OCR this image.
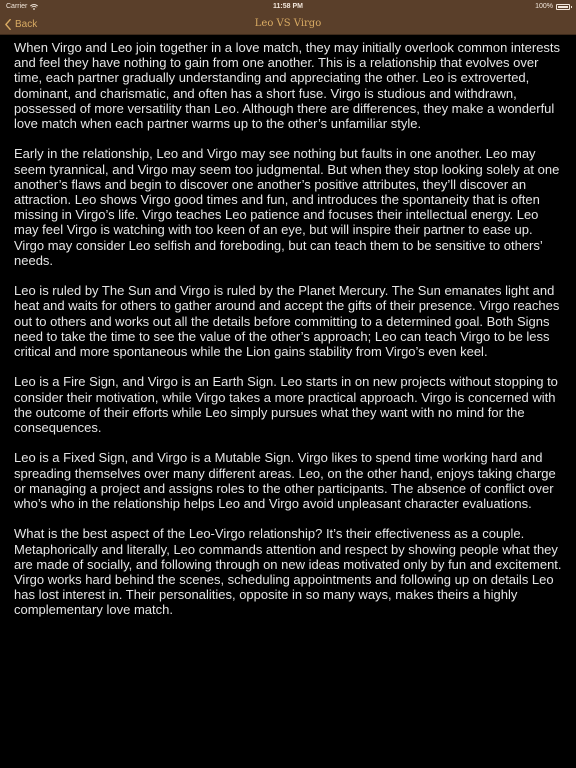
Carrier	11:58 PM	100%
Back	Leo VS Virgo

When Virgo and Leo join together in a love match, they may initially overlook common interests and feel they have nothing to gain from one another. This is a relationship that evolves over time, each partner gradually understanding and appreciating the other. Leo is extroverted, dominant, and charismatic, and often has a short fuse. Virgo is studious and withdrawn, possessed of more versatility than Leo. Although there are differences, they make a wonderful love match when each partner warms up to the other’s unfamiliar style.

Early in the relationship, Leo and Virgo may see nothing but faults in one another. Leo may seem tyrannical, and Virgo may seem too judgmental. But when they stop looking solely at one another’s flaws and begin to discover one another’s positive attributes, they’ll discover an attraction. Leo shows Virgo good times and fun, and introduces the spontaneity that is often missing in Virgo’s life. Virgo teaches Leo patience and focuses their intellectual energy. Leo may feel Virgo is watching with too keen of an eye, but will inspire their partner to ease up. Virgo may consider Leo selfish and foreboding, but can teach them to be sensitive to others’ needs.

Leo is ruled by The Sun and Virgo is ruled by the Planet Mercury. The Sun emanates light and heat and waits for others to gather around and accept the gifts of their presence. Virgo reaches out to others and works out all the details before committing to a determined goal. Both Signs need to take the time to see the value of the other’s approach; Leo can teach Virgo to be less critical and more spontaneous while the Lion gains stability from Virgo’s even keel.

Leo is a Fire Sign, and Virgo is an Earth Sign. Leo starts in on new projects without stopping to consider their motivation, while Virgo takes a more practical approach. Virgo is concerned with the outcome of their efforts while Leo simply pursues what they want with no mind for the consequences.

Leo is a Fixed Sign, and Virgo is a Mutable Sign. Virgo likes to spend time working hard and spreading themselves over many different areas. Leo, on the other hand, enjoys taking charge or managing a project and assigns roles to the other participants. The absence of conflict over who’s who in the relationship helps Leo and Virgo avoid unpleasant character evaluations.

What is the best aspect of the Leo-Virgo relationship? It’s their effectiveness as a couple. Metaphorically and literally, Leo commands attention and respect by showing people what they are made of socially, and following through on new ideas motivated only by fun and excitement. Virgo works hard behind the scenes, scheduling appointments and following up on details Leo has lost interest in. Their personalities, opposite in so many ways, makes theirs a highly complementary love match.
